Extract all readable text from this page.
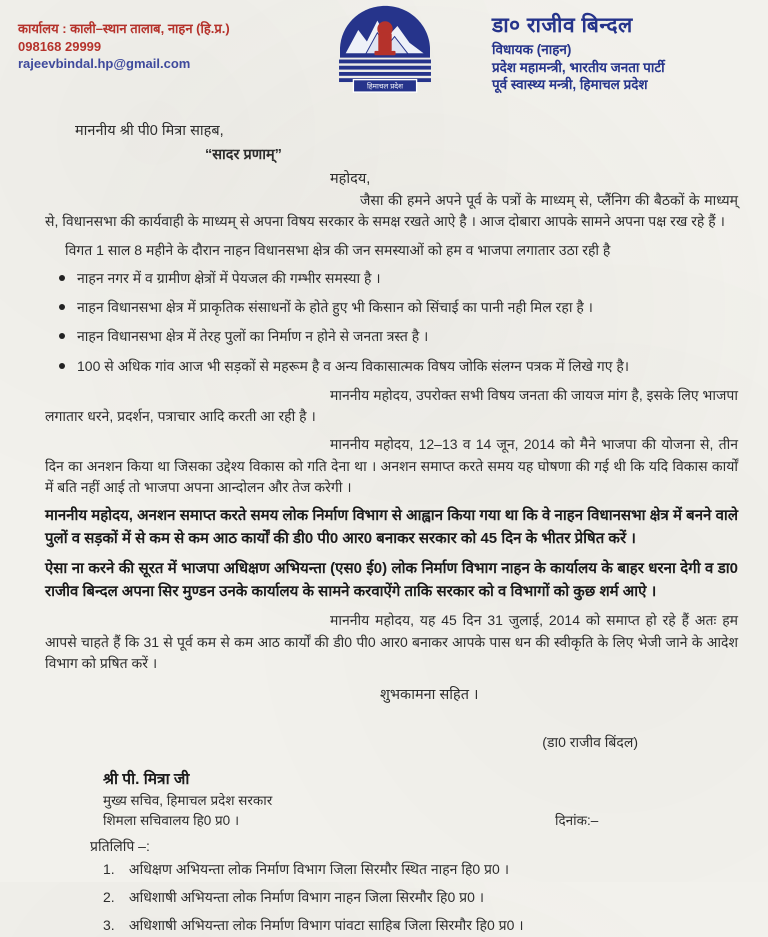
कार्यालय : काली–स्थान तालाब, नाहन (हि.प्र.)
098168 29999
rajeevbindal.hp@gmail.com
हिमाचल प्रदेश
डा० राजीव बिन्दल
विधायक (नाहन)
प्रदेश महामन्त्री, भारतीय जनता पार्टी
पूर्व स्वास्थ्य मन्त्री, हिमाचल प्रदेश
माननीय श्री पी0 मित्रा साहब,
“सादर प्रणाम्”
महोदय,

जैसा की हमने अपने पूर्व के पत्रों के माध्यम् से, प्लैंनिग की बैठकों के माध्यम् से, विधानसभा की कार्यवाही के माध्यम् से अपना विषय सरकार के समक्ष रखते आऐ है । आज दोबारा आपके सामने अपना पक्ष रख रहे हैं ।

विगत 1 साल 8 महीने के दौरान नाहन विधानसभा क्षेत्र की जन समस्याओं को हम व भाजपा लगातार उठा रही है

नाहन नगर में व ग्रामीण क्षेत्रों में पेयजल की गम्भीर समस्या है ।
नाहन विधानसभा क्षेत्र में प्राकृतिक संसाधनों के होते हुए भी किसान को सिंचाई का पानी नही मिल रहा है ।
नाहन विधानसभा क्षेत्र में तेरह पुलों का निर्माण न होने से जनता त्रस्त है ।
100 से अधिक गांव आज भी सड़कों से महरूम है व अन्य विकासात्मक विषय जोकि संलग्न पत्रक में लिखे गए है।

माननीय महोदय, उपरोक्त सभी विषय जनता की जायज मांग है, इसके लिए भाजपा लगातार धरने, प्रदर्शन, पत्राचार आदि करती आ रही है ।

माननीय महोदय, 12–13 व 14 जून, 2014 को मैने भाजपा की योजना से, तीन दिन का अनशन किया था जिसका उद्देश्य विकास को गति देना था । अनशन समाप्त करते समय यह घोषणा की गई थी कि यदि विकास कार्यों में बति नहीं आई तो भाजपा अपना आन्दोलन और तेज करेगी ।

माननीय महोदय, अनशन समाप्त करते समय लोक निर्माण विभाग से आह्वान किया गया था कि वे नाहन विधानसभा क्षेत्र में बनने वाले पुलों व सड़कों में से कम से कम आठ कार्यों की डी0 पी0 आर0 बनाकर सरकार को 45 दिन के भीतर प्रेषित करें ।

ऐसा ना करने की सूरत में भाजपा अधिक्षण अभियन्ता (एस0 ई0) लोक निर्माण विभाग नाहन के कार्यालय के बाहर धरना देगी व डा0 राजीव बिन्दल अपना सिर मुण्डन उनके कार्यालय के सामने करवाऐंगे ताकि सरकार को व विभागों को कुछ शर्म आऐ ।

माननीय महोदय, यह 45 दिन 31 जुलाई, 2014 को समाप्त हो रहे हैं अतः हम आपसे चाहते हैं कि 31 से पूर्व कम से कम आठ कार्यों की डी0 पी0 आर0 बनाकर आपके पास धन की स्वीकृति के लिए भेजी जाने के आदेश विभाग को प्रषित करें ।

शुभकामना सहित ।
(डा0 राजीव बिंदल)
श्री पी. मित्रा जी
मुख्य सचिव, हिमाचल प्रदेश सरकार
शिमला सचिवालय हि0 प्र0 ।	दिनांक:–
प्रतिलिपि –:
1. अधिक्षण अभियन्ता लोक निर्माण विभाग जिला सिरमौर स्थित नाहन हि0 प्र0 ।
2. अधिशाषी अभियन्ता लोक निर्माण विभाग नाहन जिला सिरमौर हि0 प्र0 ।
3. अधिशाषी अभियन्ता लोक निर्माण विभाग पांवटा साहिब जिला सिरमौर हि0 प्र0 ।
